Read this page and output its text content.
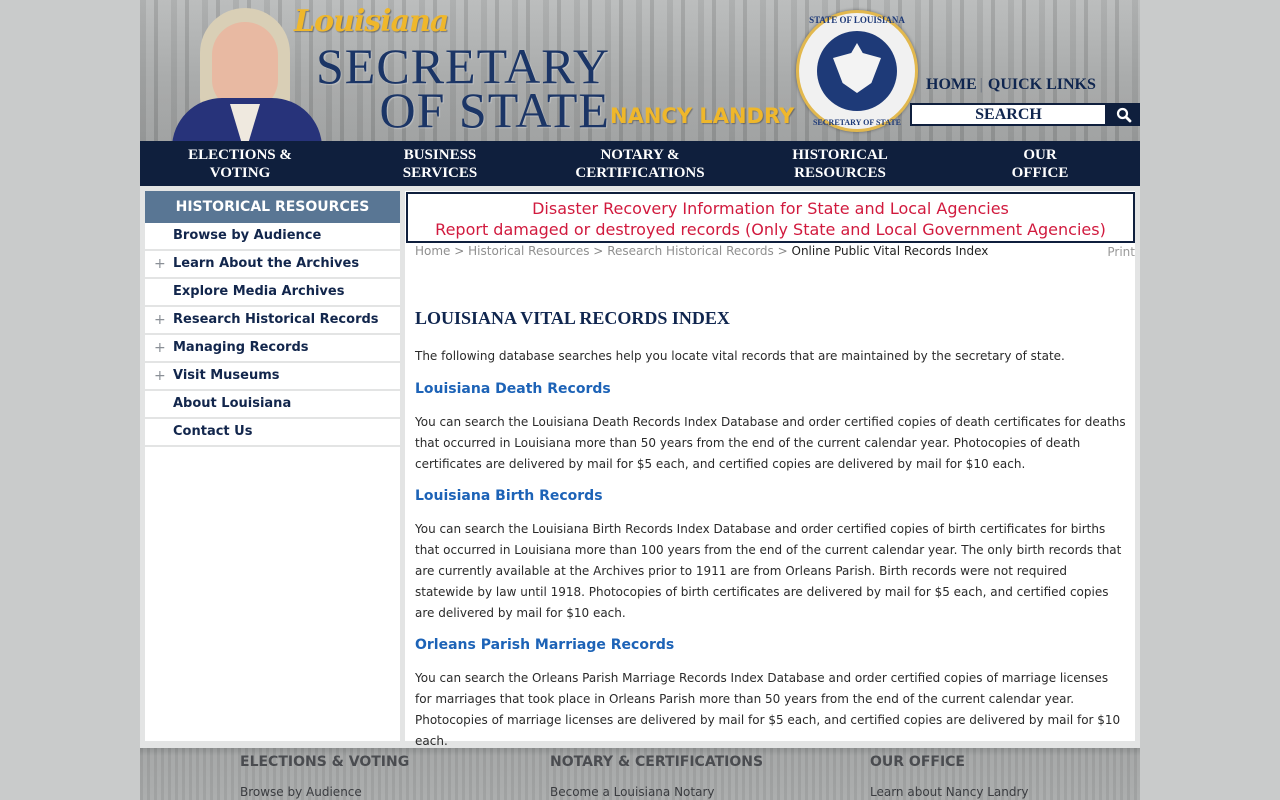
Louisiana
SECRETARY
OF STATE NANCY LANDRY
STATE OF LOUISIANA
SECRETARY OF STATE
HOME | QUICK LINKS
SEARCH
ELECTIONS &
VOTING
BUSINESS
SERVICES
NOTARY &
CERTIFICATIONS
HISTORICAL
RESOURCES
OUR
OFFICE
HISTORICAL RESOURCES
Browse by Audience
+ Learn About the Archives
Explore Media Archives
+ Research Historical Records
+ Managing Records
+ Visit Museums
About Louisiana
Contact Us
Disaster Recovery Information for State and Local Agencies
Report damaged or destroyed records (Only State and Local Government Agencies)
Home > Historical Resources > Research Historical Records > Online Public Vital Records Index	Print
LOUISIANA VITAL RECORDS INDEX

The following database searches help you locate vital records that are maintained by the secretary of state.

Louisiana Death Records

You can search the Louisiana Death Records Index Database and order certified copies of death certificates for deaths that occurred in Louisiana more than 50 years from the end of the current calendar year. Photocopies of death certificates are delivered by mail for $5 each, and certified copies are delivered by mail for $10 each.

Louisiana Birth Records

You can search the Louisiana Birth Records Index Database and order certified copies of birth certificates for births that occurred in Louisiana more than 100 years from the end of the current calendar year. The only birth records that are currently available at the Archives prior to 1911 are from Orleans Parish. Birth records were not required statewide by law until 1918. Photocopies of birth certificates are delivered by mail for $5 each, and certified copies are delivered by mail for $10 each.

Orleans Parish Marriage Records

You can search the Orleans Parish Marriage Records Index Database and order certified copies of marriage licenses for marriages that took place in Orleans Parish more than 50 years from the end of the current calendar year. Photocopies of marriage licenses are delivered by mail for $5 each, and certified copies are delivered by mail for $10 each.

ELECTIONS & VOTING
Browse by Audience
NOTARY & CERTIFICATIONS
Become a Louisiana Notary
OUR OFFICE
Learn about Nancy Landry
